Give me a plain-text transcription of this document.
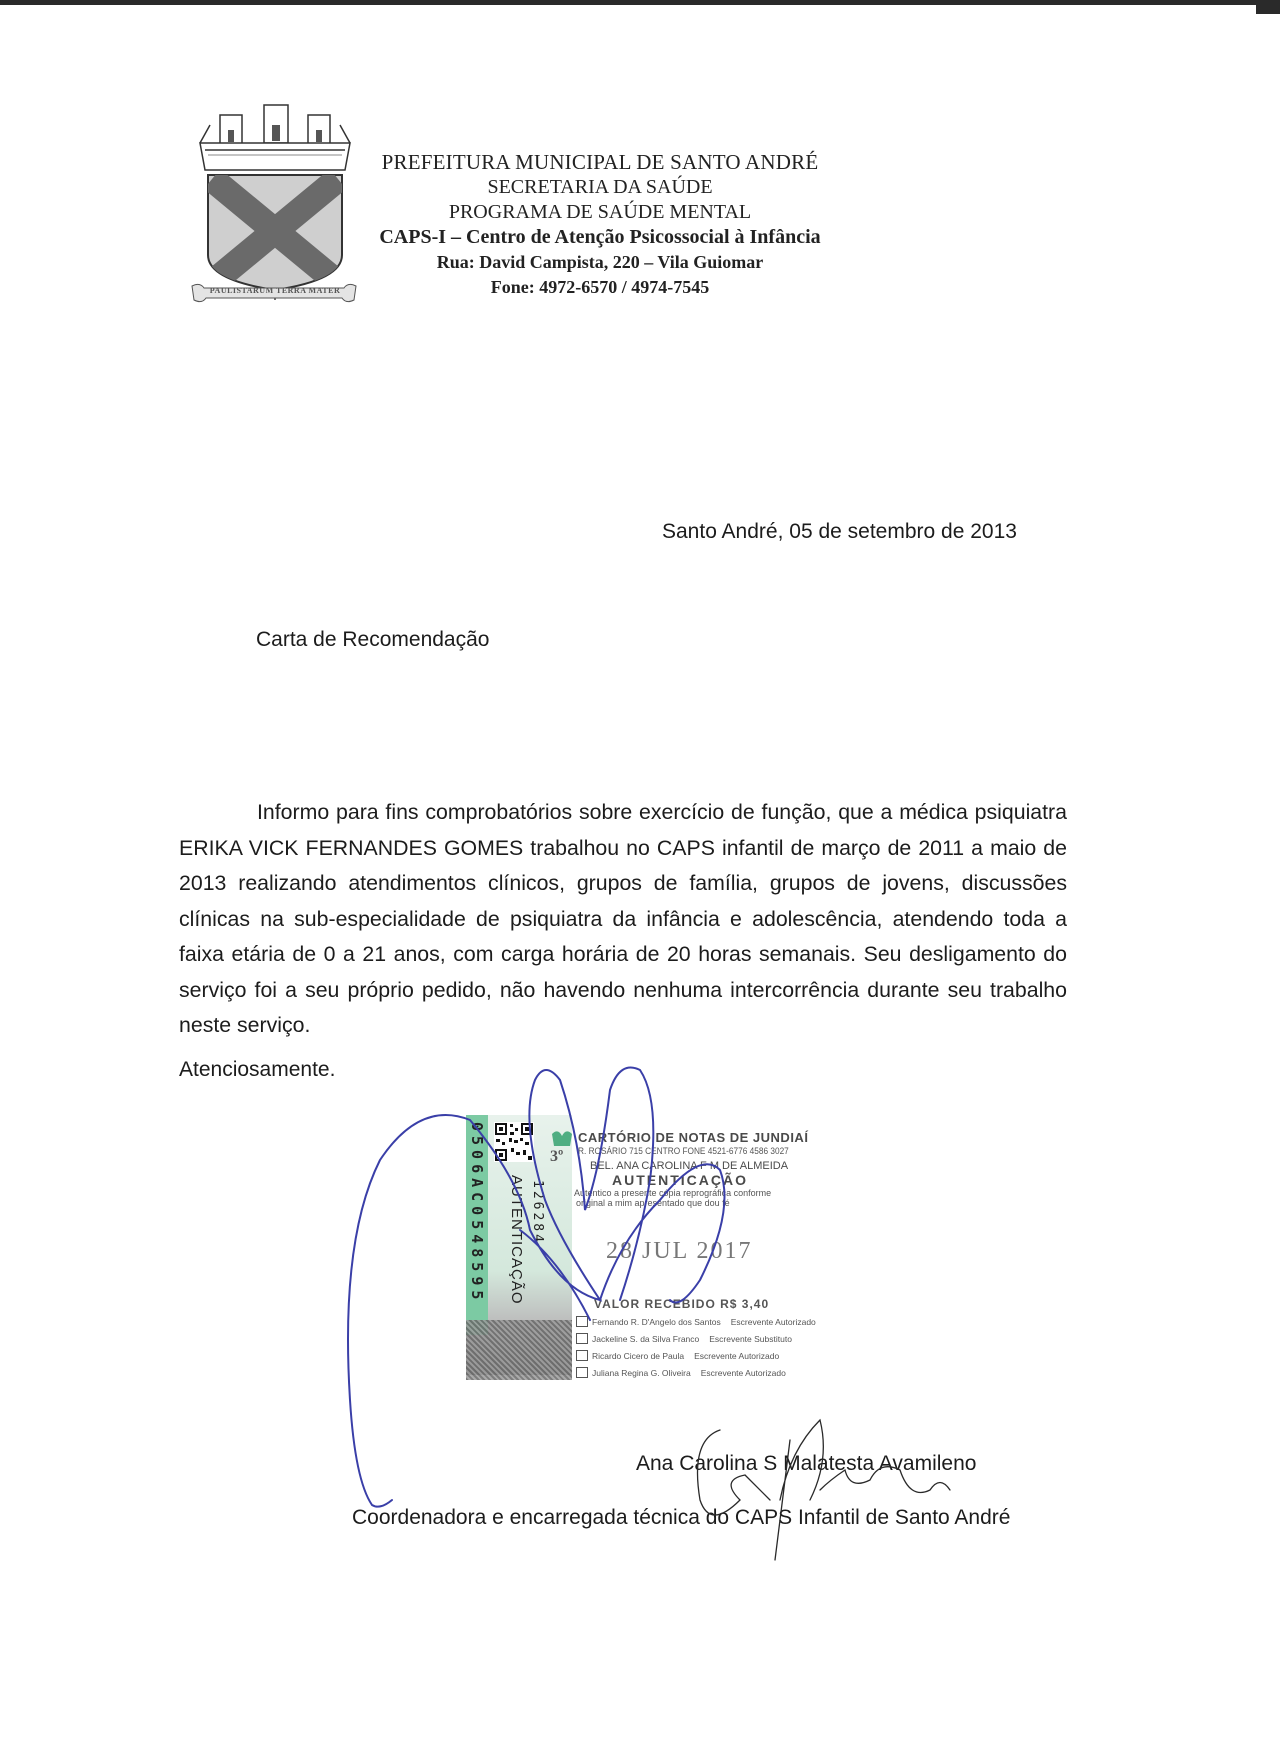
PAULISTARUM TERRA MATER
PREFEITURA MUNICIPAL DE SANTO ANDRÉ
SECRETARIA DA SAÚDE
PROGRAMA DE SAÚDE MENTAL
CAPS-I – Centro de Atenção Psicossocial à Infância
Rua: David Campista, 220 – Vila Guiomar
Fone: 4972-6570 / 4974-7545
Santo André, 05 de setembro de 2013
Carta de Recomendação
Informo para fins comprobatórios sobre exercício de função, que a médica psiquiatra ERIKA VICK FERNANDES GOMES trabalhou no CAPS infantil de março de 2011 a maio de 2013 realizando atendimentos clínicos, grupos de família, grupos de jovens, discussões clínicas na sub-especialidade de psiquiatra da infância e adolescência, atendendo toda a faixa etária de 0 a 21 anos, com carga horária de 20 horas semanais. Seu desligamento do serviço foi a seu próprio pedido, não havendo nenhuma intercorrência durante seu trabalho neste serviço.
Atenciosamente.
0506AC0548595 AUTENTICAÇÃO 126284
3º
CARTÓRIO DE NOTAS DE JUNDIAÍ
R. ROSÁRIO 715 CENTRO FONE 4521-6776 4586 3027
BEL. ANA CAROLINA F M DE ALMEIDA
AUTENTICAÇÃO
Autentico a presente cópia reprográfica conforme
original a mim apresentado que dou fé
28 JUL 2017
VALOR RECEBIDO R$ 3,40
Fernando R. D'Angelo dos Santos Escrevente Autorizado
Jackeline S. da Silva Franco Escrevente Substituto
Ricardo Cicero de Paula Escrevente Autorizado
Juliana Regina G. Oliveira Escrevente Autorizado
Ana Carolina S Malatesta Avamileno
Coordenadora e encarregada técnica do CAPS Infantil de Santo André
